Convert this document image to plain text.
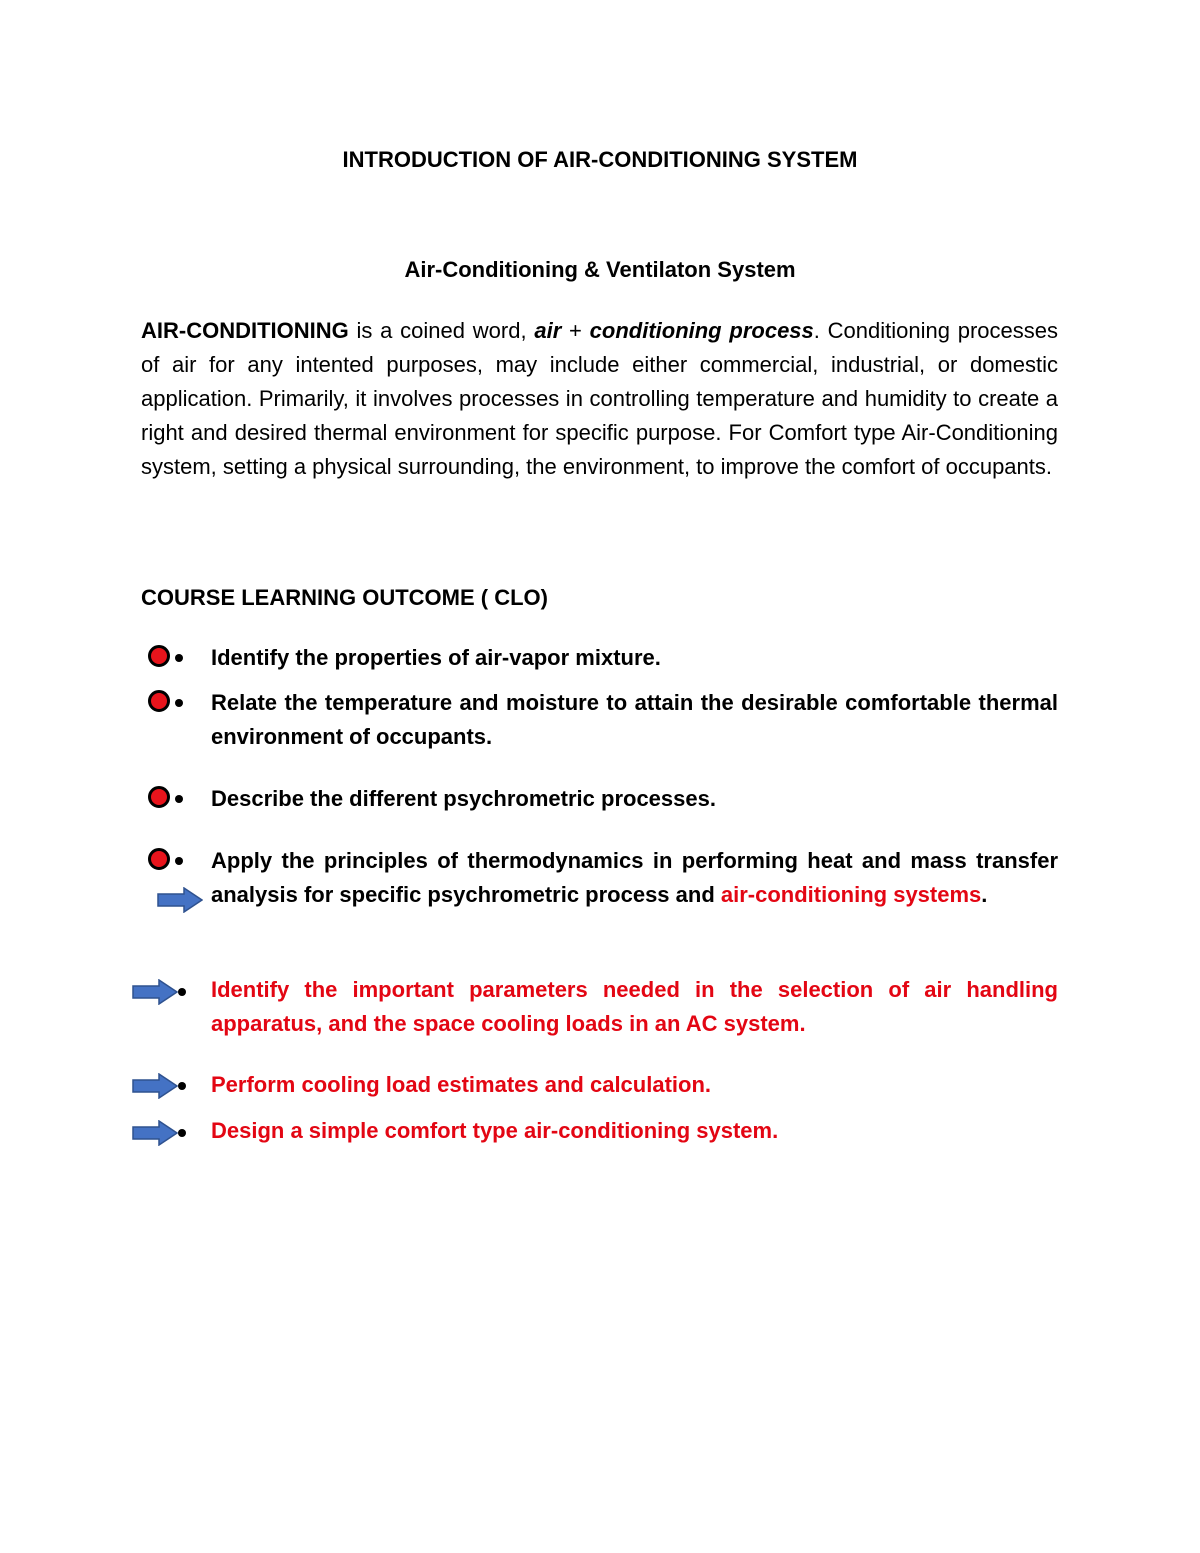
INTRODUCTION OF AIR-CONDITIONING SYSTEM
Air-Conditioning & Ventilaton System

AIR-CONDITIONING is a coined word, air + conditioning process. Conditioning processes of air for any intented purposes, may include either commercial, industrial, or domestic application. Primarily, it involves processes in controlling temperature and humidity to create a right and desired thermal environment for specific purpose. For Comfort type Air-Conditioning system, setting a physical surrounding, the environment, to improve the comfort of occupants.

COURSE LEARNING OUTCOME ( CLO)
Identify the properties of air-vapor mixture.
Relate the temperature and moisture to attain the desirable comfortable thermal environment of occupants.
Describe the different psychrometric processes.
Apply the principles of thermodynamics in performing heat and mass transfer analysis for specific psychrometric process and air-conditioning systems.
Identify the important parameters needed in the selection of air handling apparatus, and the space cooling loads in an AC system.
Perform cooling load estimates and calculation.
Design a simple comfort type air-conditioning system.
